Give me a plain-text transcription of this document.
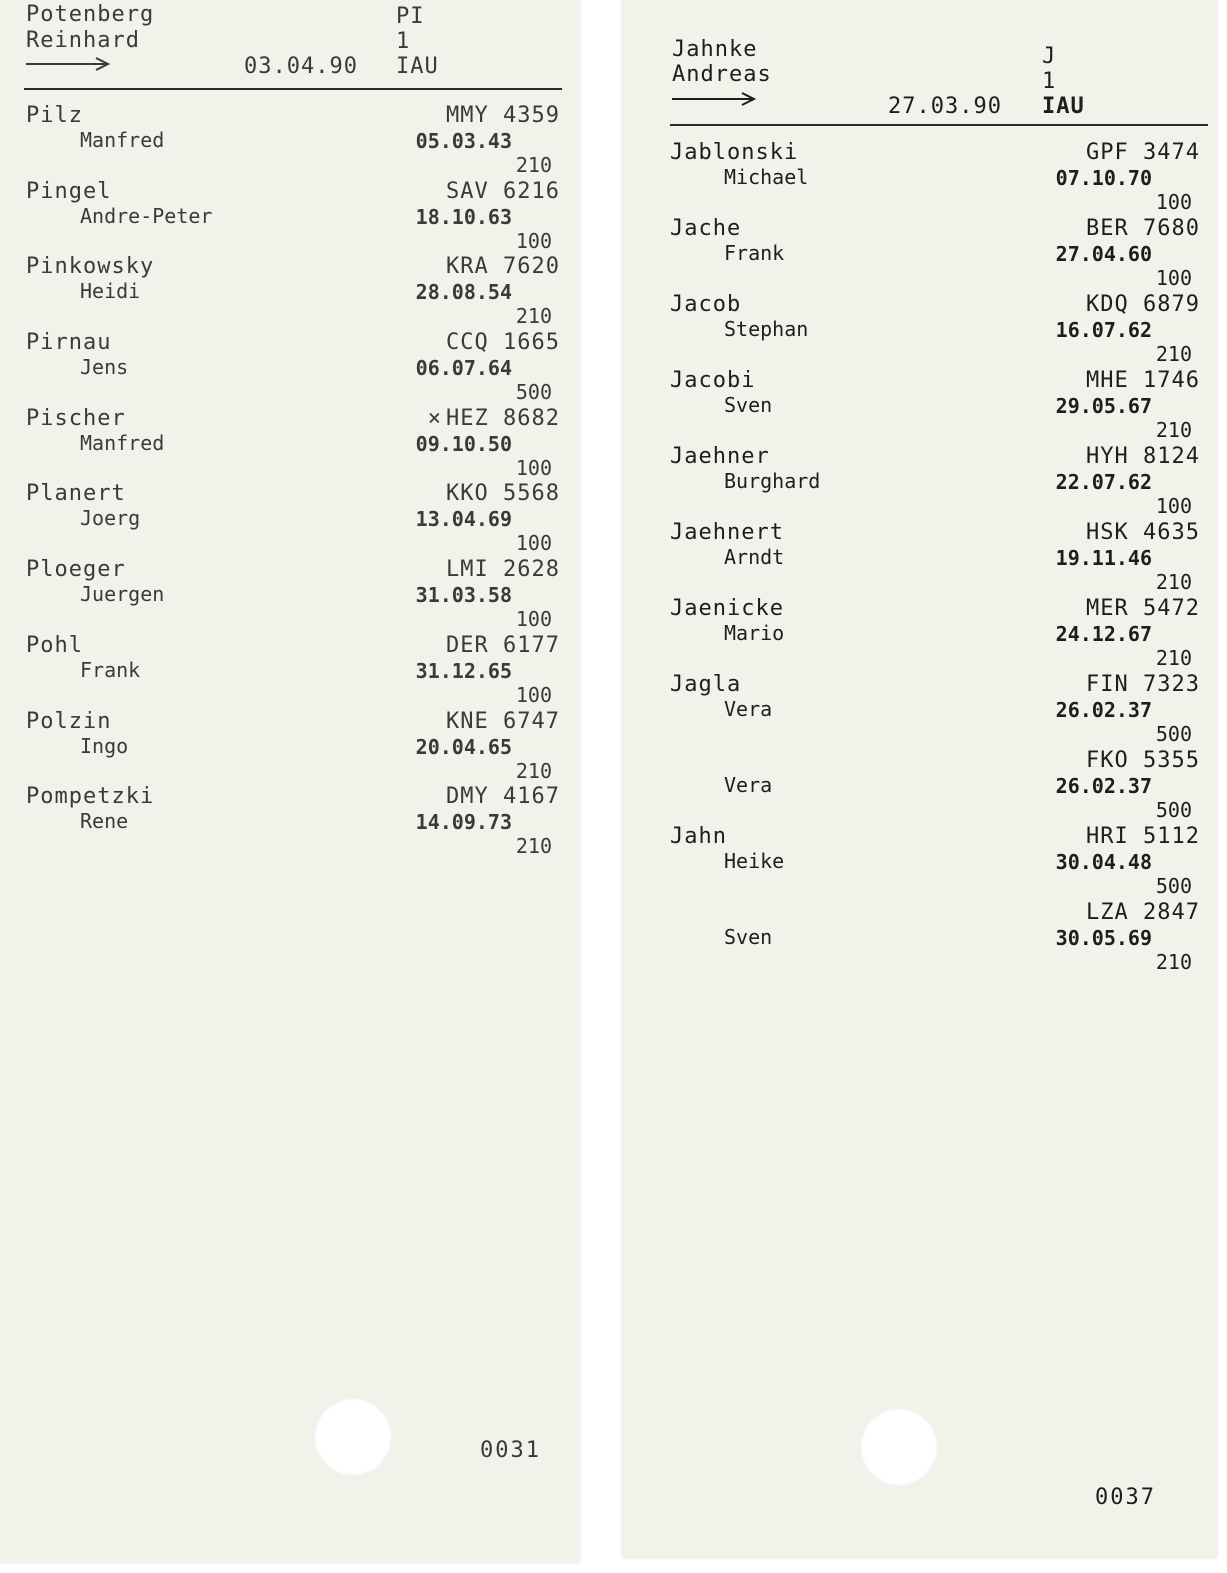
Potenberg
Reinhard
03.04.90
PI
1
IAU
Pilz
Manfred
MMY 4359
05.03.43
210
Pingel
Andre-Peter
SAV 6216
18.10.63
100
Pinkowsky
Heidi
KRA 7620
28.08.54
210
Pirnau
Jens
CCQ 1665
06.07.64
500
Pischer
Manfred
× HEZ 8682
09.10.50
100
Planert
Joerg
KKO 5568
13.04.69
100
Ploeger
Juergen
LMI 2628
31.03.58
100
Pohl
Frank
DER 6177
31.12.65
100
Polzin
Ingo
KNE 6747
20.04.65
210
Pompetzki
Rene
DMY 4167
14.09.73
210
0031
Jahnke
Andreas
27.03.90
J
1
IAU
Jablonski
Michael
GPF 3474
07.10.70
100
Jache
Frank
BER 7680
27.04.60
100
Jacob
Stephan
KDQ 6879
16.07.62
210
Jacobi
Sven
MHE 1746
29.05.67
210
Jaehner
Burghard
HYH 8124
22.07.62
100
Jaehnert
Arndt
HSK 4635
19.11.46
210
Jaenicke
Mario
MER 5472
24.12.67
210
Jagla
Vera
FIN 7323
26.02.37
500
Vera
FKO 5355
26.02.37
500
Jahn
Heike
HRI 5112
30.04.48
500
Sven
LZA 2847
30.05.69
210
0037
